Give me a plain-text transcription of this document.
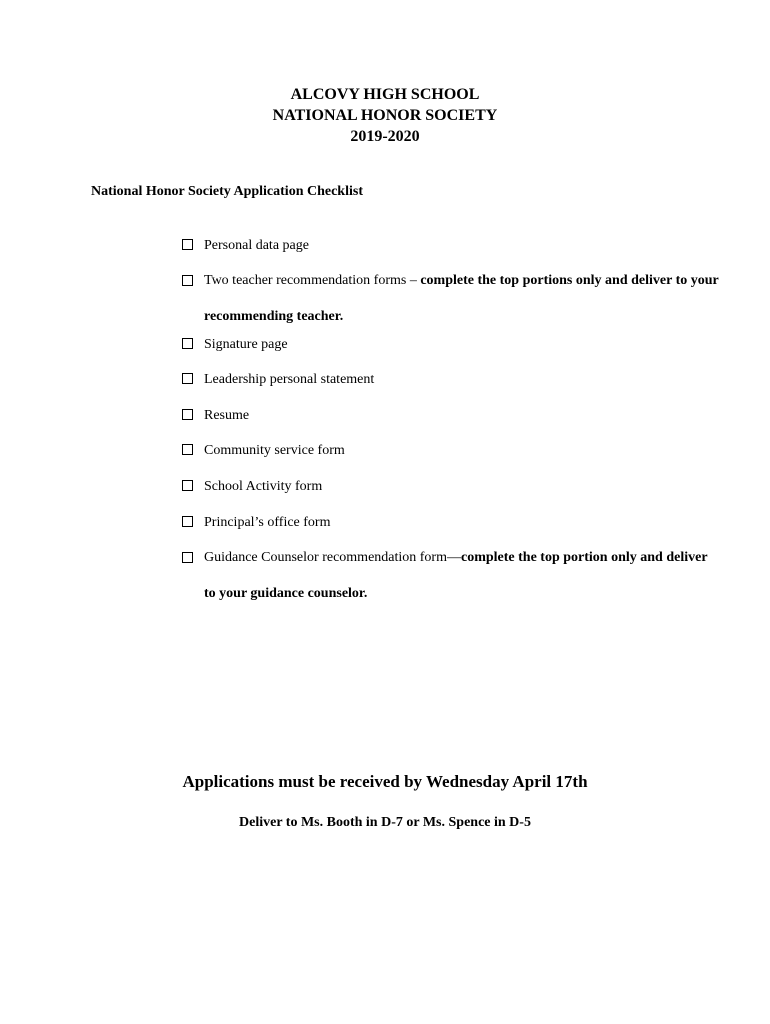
ALCOVY HIGH SCHOOL
NATIONAL HONOR SOCIETY
2019-2020
National Honor Society Application Checklist
Personal data page
Two teacher recommendation forms – complete the top portions only and deliver to your recommending teacher.
Signature page
Leadership personal statement
Resume
Community service form
School Activity form
Principal’s office form
Guidance Counselor recommendation form—complete the top portion only and deliver to your guidance counselor.
Applications must be received by Wednesday April 17th
Deliver to Ms. Booth in D-7 or Ms. Spence in D-5
